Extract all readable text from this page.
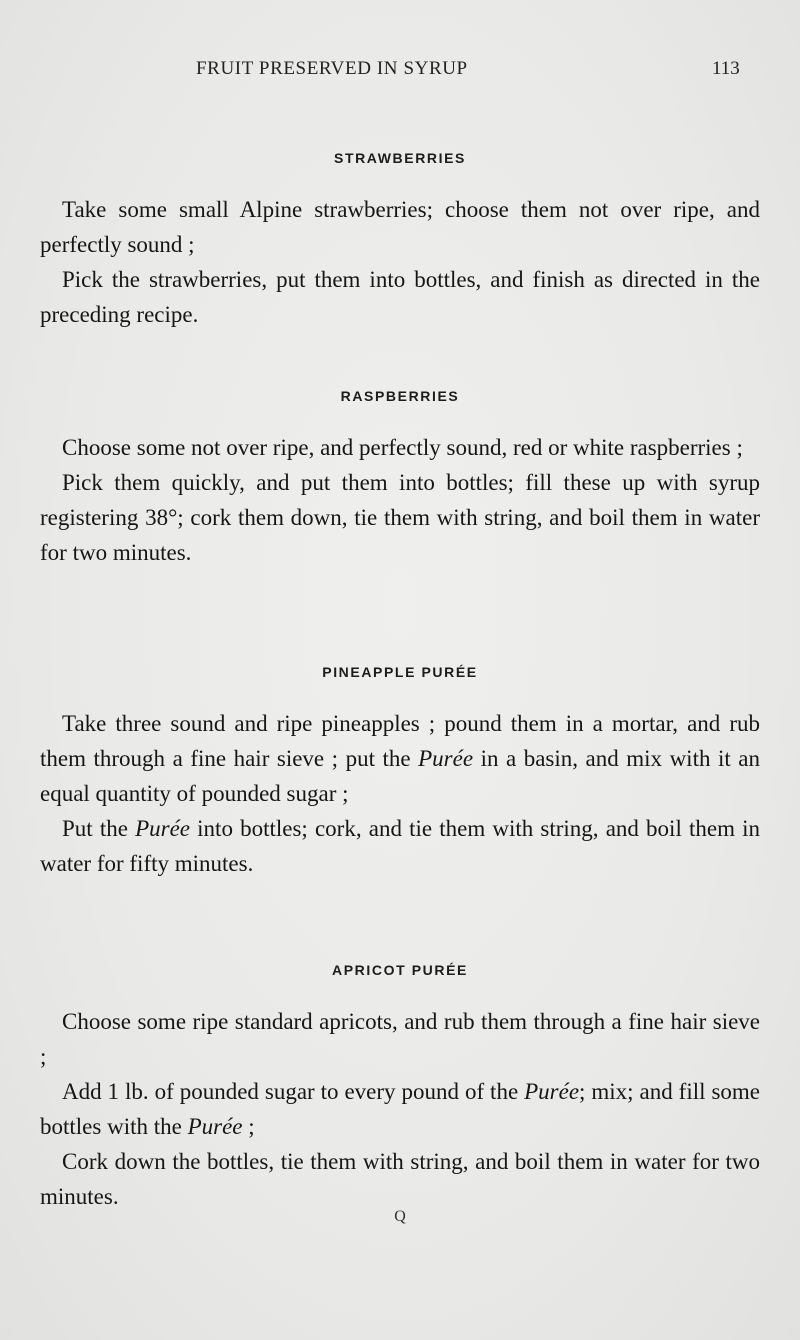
FRUIT PRESERVED IN SYRUP	113
STRAWBERRIES

Take some small Alpine strawberries; choose them not over ripe, and perfectly sound ;

Pick the strawberries, put them into bottles, and finish as directed in the preceding recipe.

RASPBERRIES

Choose some not over ripe, and perfectly sound, red or white raspberries ;

Pick them quickly, and put them into bottles; fill these up with syrup registering 38°; cork them down, tie them with string, and boil them in water for two minutes.

PINEAPPLE PURÉE

Take three sound and ripe pineapples ; pound them in a mortar, and rub them through a fine hair sieve ; put the Purée in a basin, and mix with it an equal quantity of pounded sugar ;

Put the Purée into bottles; cork, and tie them with string, and boil them in water for fifty minutes.

APRICOT PURÉE

Choose some ripe standard apricots, and rub them through a fine hair sieve ;

Add 1 lb. of pounded sugar to every pound of the Purée; mix; and fill some bottles with the Purée ;

Cork down the bottles, tie them with string, and boil them in water for two minutes.

Q
